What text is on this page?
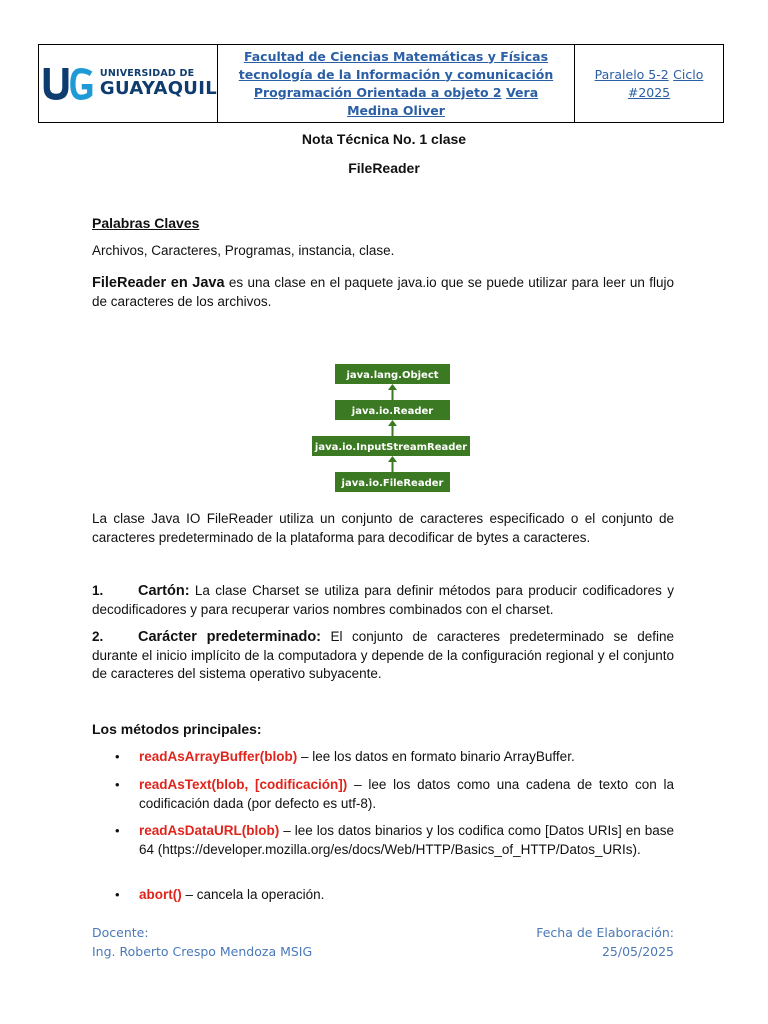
UNIVERSIDAD DE
GUAYAQUIL

Facultad de Ciencias Matemáticas y Físicas
tecnología de la Información y comunicación
Programación Orientada a objeto 2 Vera
Medina Oliver

Paralelo 5-2 Ciclo
#2025
Nota Técnica No. 1 clase
FileReader
Palabras Claves
Archivos, Caracteres, Programas, instancia, clase.
FileReader en Java es una clase en el paquete java.io que se puede utilizar para leer un flujo de caracteres de los archivos.
java.lang.Object
java.io.Reader
java.io.InputStreamReader
java.io.FileReader
La clase Java IO FileReader utiliza un conjunto de caracteres especificado o el conjunto de caracteres predeterminado de la plataforma para decodificar de bytes a caracteres.
1. Cartón: La clase Charset se utiliza para definir métodos para producir codificadores y decodificadores y para recuperar varios nombres combinados con el charset.
2. Carácter predeterminado: El conjunto de caracteres predeterminado se define durante el inicio implícito de la computadora y depende de la configuración regional y el conjunto de caracteres del sistema operativo subyacente.
Los métodos principales:
• readAsArrayBuffer(blob) – lee los datos en formato binario ArrayBuffer.
• readAsText(blob, [codificación]) – lee los datos como una cadena de texto con la codificación dada (por defecto es utf-8).
• readAsDataURL(blob) – lee los datos binarios y los codifica como [Datos URIs] en base 64 (https://developer.mozilla.org/es/docs/Web/HTTP/Basics_of_HTTP/Datos_URIs).
• abort() – cancela la operación.
Docente:
Ing. Roberto Crespo Mendoza MSIG
Fecha de Elaboración:
25/05/2025
